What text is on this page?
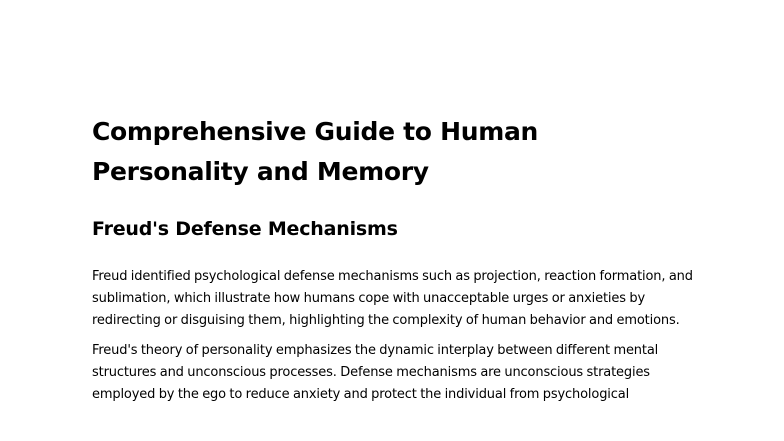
Comprehensive Guide to Human Personality and Memory
Freud's Defense Mechanisms

Freud identified psychological defense mechanisms such as projection, reaction formation, and sublimation, which illustrate how humans cope with unacceptable urges or anxieties by redirecting or disguising them, highlighting the complexity of human behavior and emotions.

Freud's theory of personality emphasizes the dynamic interplay between different mental structures and unconscious processes. Defense mechanisms are unconscious strategies employed by the ego to reduce anxiety and protect the individual from psychological
